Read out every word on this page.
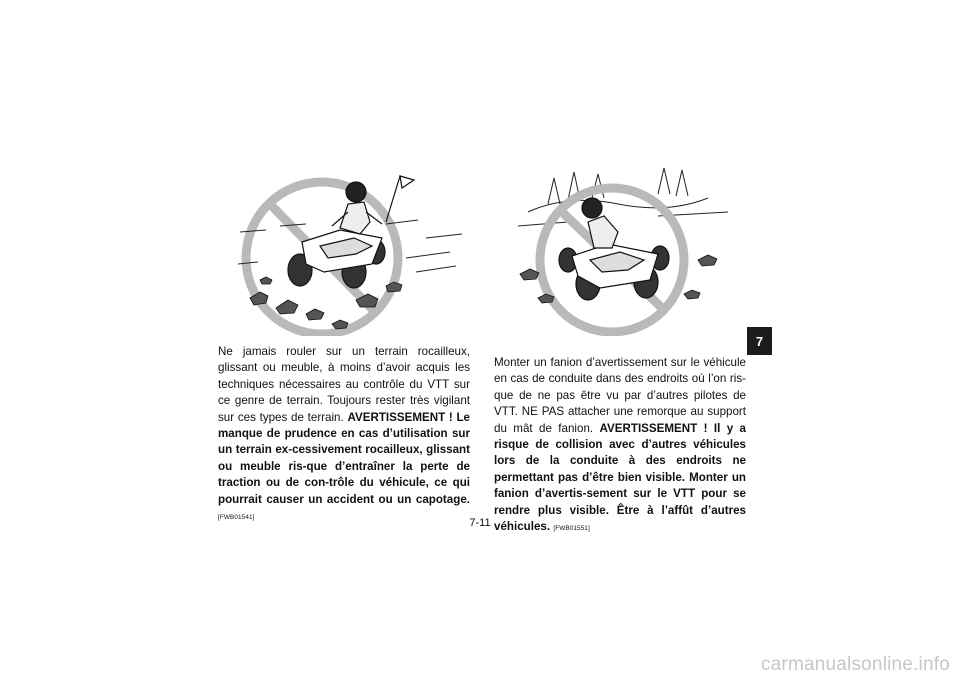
Ne jamais rouler sur un terrain rocailleux, glissant ou meuble, à moins d’avoir acquis les techniques nécessaires au contrôle du VTT sur ce genre de terrain. Toujours rester très vigilant sur ces types de terrain. AVERTISSEMENT ! Le manque de prudence en cas d’utilisation sur un terrain ex-cessivement rocailleux, glissant ou meuble ris-que d’entraîner la perte de traction ou de con-trôle du véhicule, ce qui pourrait causer un accident ou un capotage. [FWB01541]
Monter un fanion d’avertissement sur le véhicule en cas de conduite dans des endroits où l’on ris-que de ne pas être vu par d’autres pilotes de VTT. NE PAS attacher une remorque au support du mât de fanion. AVERTISSEMENT ! Il y a risque de collision avec d’autres véhicules lors de la conduite à des endroits ne permettant pas d’être bien visible. Monter un fanion d’avertis-sement sur le VTT pour se rendre plus visible. Être à l’affût d’autres véhicules. [FWB01551]
7-11
7
carmanualsonline.info
